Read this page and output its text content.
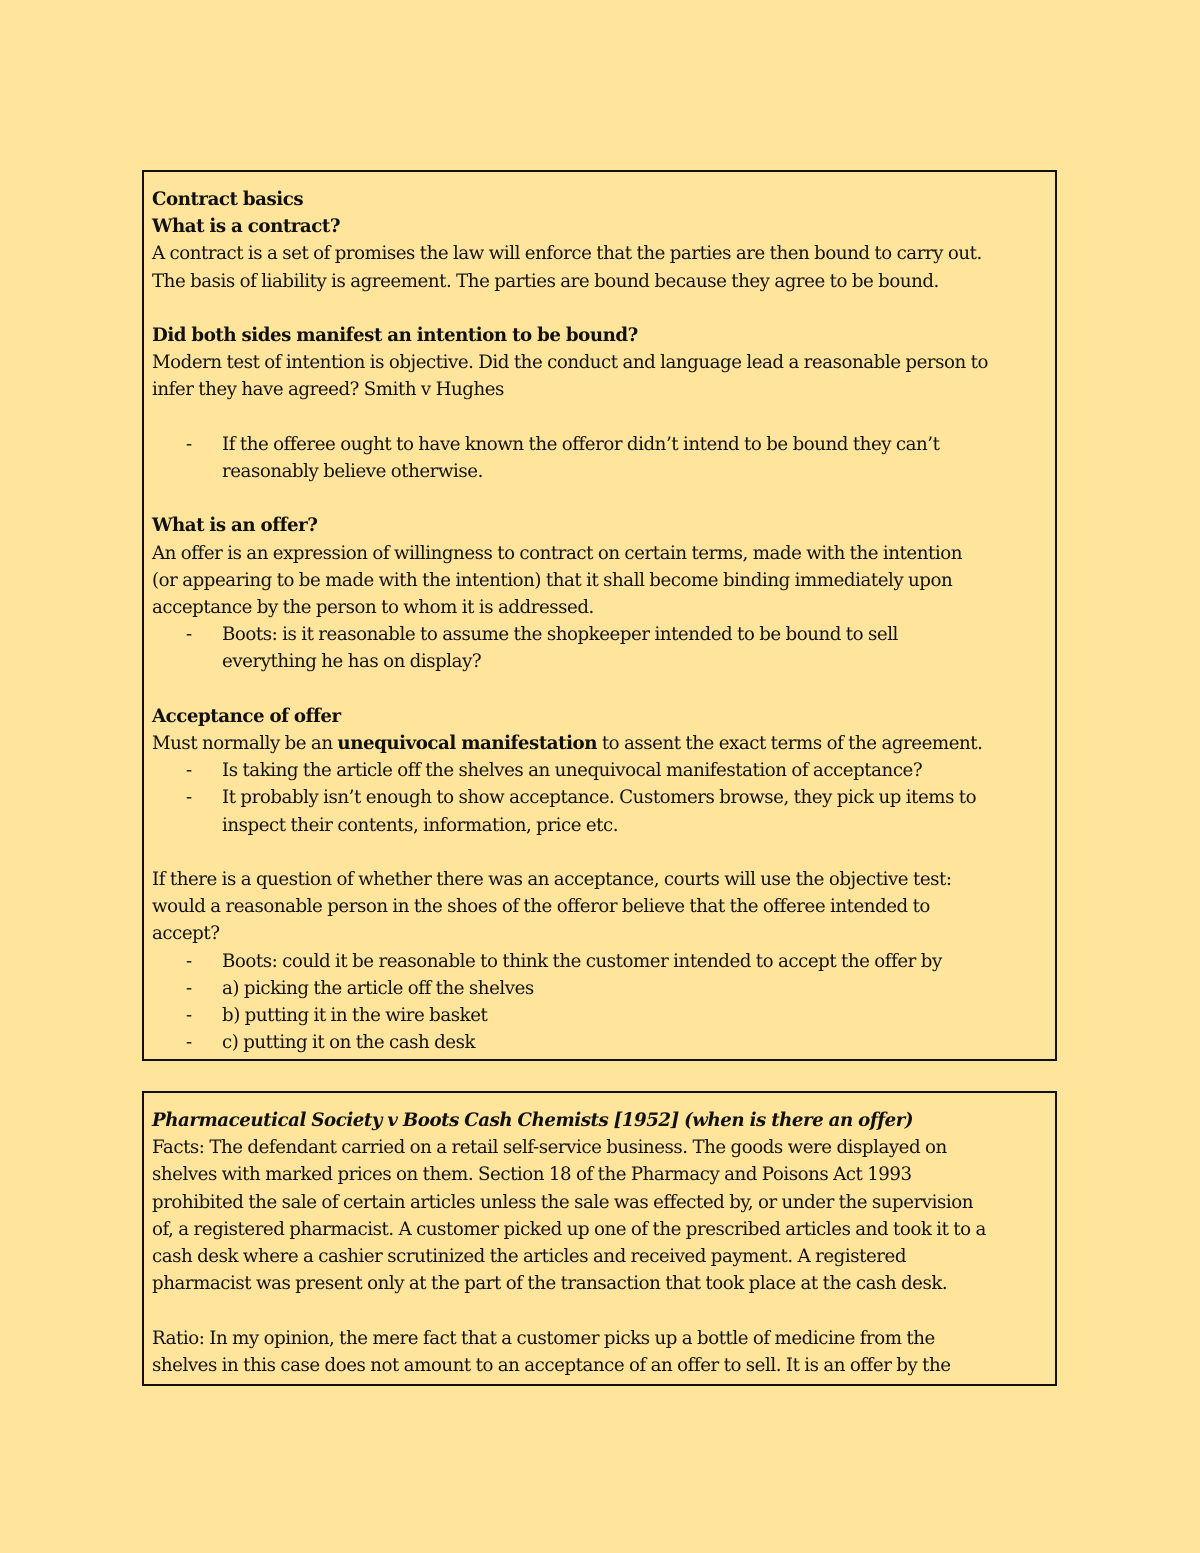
Contract basics
What is a contract?
A contract is a set of promises the law will enforce that the parties are then bound to carry out.
The basis of liability is agreement. The parties are bound because they agree to be bound.
Did both sides manifest an intention to be bound?
Modern test of intention is objective. Did the conduct and language lead a reasonable person to
infer they have agreed? Smith v Hughes
-	If the offeree ought to have known the offeror didn’t intend to be bound they can’t
reasonably believe otherwise.
What is an offer?
An offer is an expression of willingness to contract on certain terms, made with the intention
(or appearing to be made with the intention) that it shall become binding immediately upon
acceptance by the person to whom it is addressed.
-	Boots: is it reasonable to assume the shopkeeper intended to be bound to sell
everything he has on display?
Acceptance of offer
Must normally be an unequivocal manifestation to assent the exact terms of the agreement.
-	Is taking the article off the shelves an unequivocal manifestation of acceptance?
-	It probably isn’t enough to show acceptance. Customers browse, they pick up items to
inspect their contents, information, price etc.
If there is a question of whether there was an acceptance, courts will use the objective test:
would a reasonable person in the shoes of the offeror believe that the offeree intended to
accept?
-	Boots: could it be reasonable to think the customer intended to accept the offer by
-	a) picking the article off the shelves
-	b) putting it in the wire basket
-	c) putting it on the cash desk
Pharmaceutical Society v Boots Cash Chemists [1952] (when is there an offer)
Facts: The defendant carried on a retail self-service business. The goods were displayed on
shelves with marked prices on them. Section 18 of the Pharmacy and Poisons Act 1993
prohibited the sale of certain articles unless the sale was effected by, or under the supervision
of, a registered pharmacist. A customer picked up one of the prescribed articles and took it to a
cash desk where a cashier scrutinized the articles and received payment. A registered
pharmacist was present only at the part of the transaction that took place at the cash desk.
Ratio: In my opinion, the mere fact that a customer picks up a bottle of medicine from the
shelves in this case does not amount to an acceptance of an offer to sell. It is an offer by the
